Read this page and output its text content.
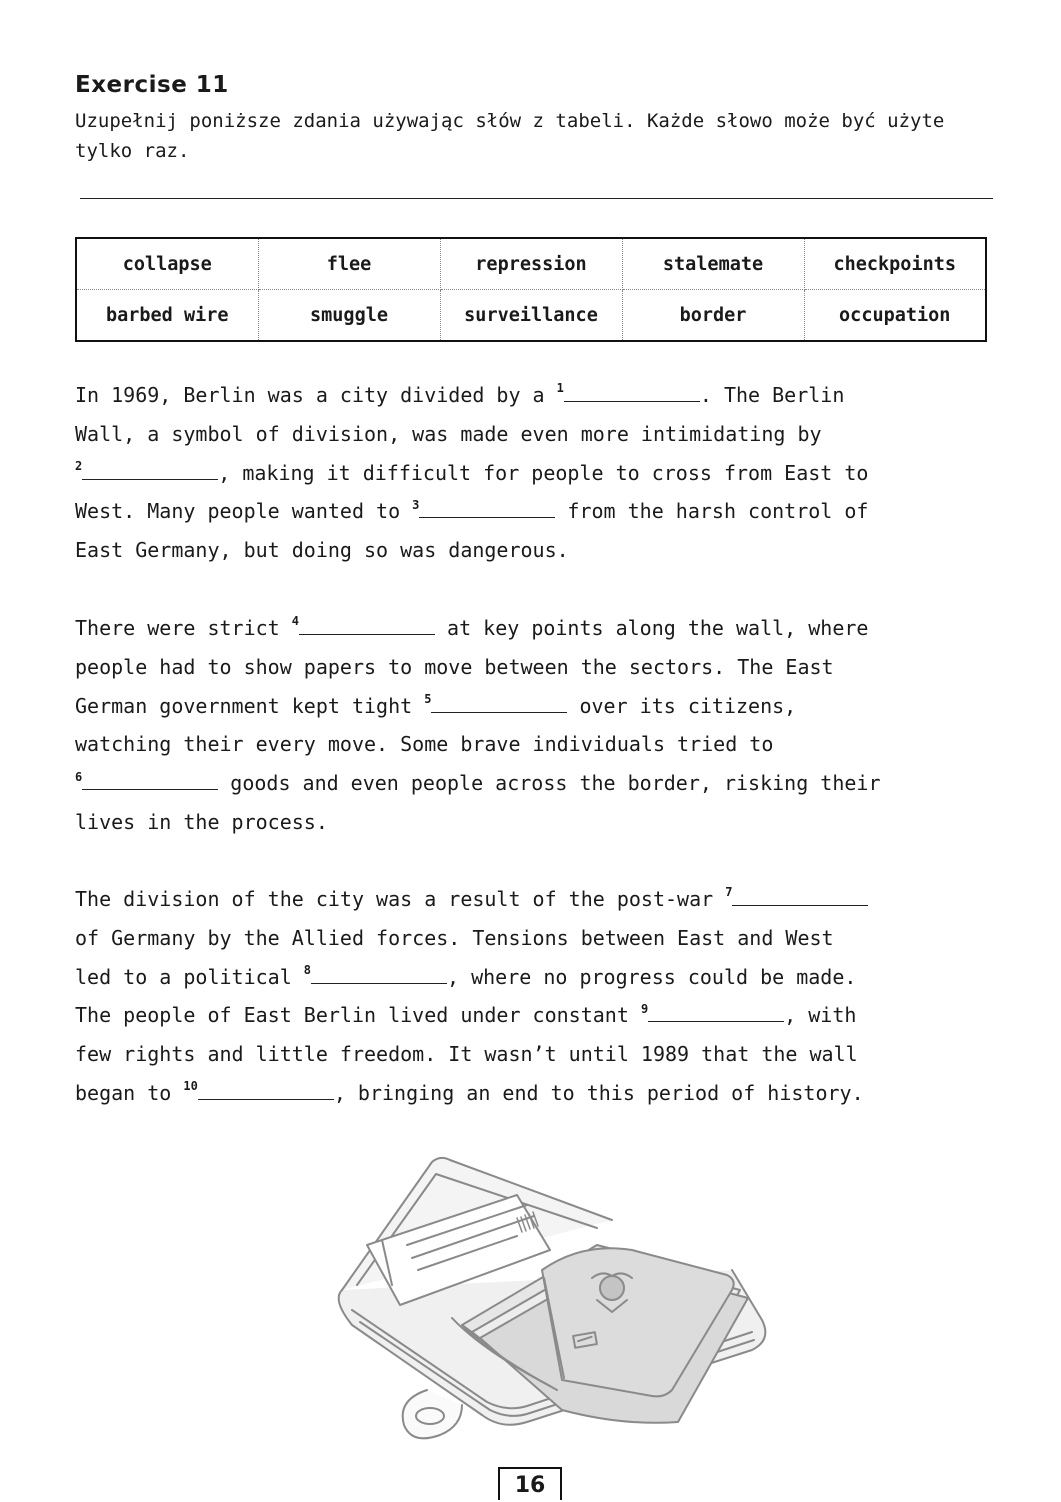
Exercise 11
Uzupełnij poniższe zdania używając słów z tabeli. Każde słowo może być użyte tylko raz.
collapse	flee	repression	stalemate	checkpoints
barbed wire	smuggle	surveillance	border	occupation
In 1969, Berlin was a city divided by a $^1$	. The Berlin
Wall, a symbol of division, was made even more intimidating by
$^2$	, making it difficult for people to cross from East to
West. Many people wanted to $^3$	from the harsh control of
East Germany, but doing so was dangerous.
There were strict $^4$	at key points along the wall, where
people had to show papers to move between the sectors. The East
German government kept tight $^5$	over its citizens,
watching their every move. Some brave individuals tried to
$^6$	goods and even people across the border, risking their
lives in the process.
The division of the city was a result of the post-war $^7$
of Germany by the Allied forces. Tensions between East and West
led to a political $^8$	, where no progress could be made.
The people of East Berlin lived under constant $^9$	, with
few rights and little freedom. It wasn’t until 1989 that the wall
began to $^{10}$	, bringing an end to this period of history.
16
